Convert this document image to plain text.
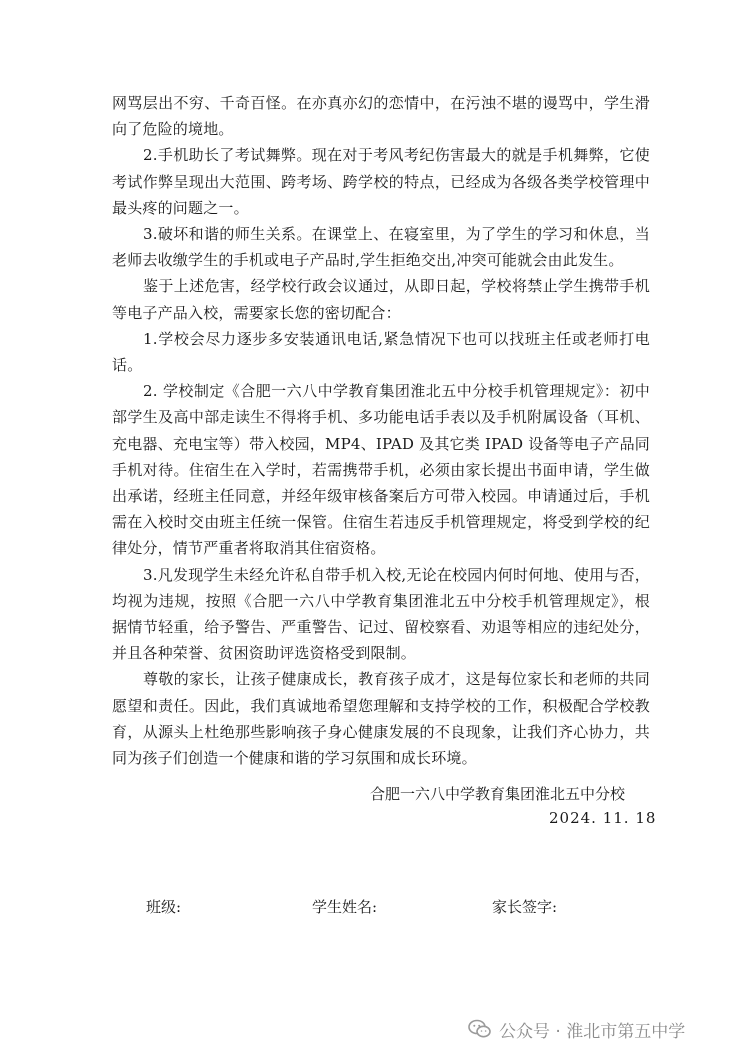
网骂层出不穷、千奇百怪。在亦真亦幻的恋情中，在污浊不堪的谩骂中，学生滑向了危险的境地。

2.手机助长了考试舞弊。现在对于考风考纪伤害最大的就是手机舞弊，它使考试作弊呈现出大范围、跨考场、跨学校的特点，已经成为各级各类学校管理中最头疼的问题之一。

3.破坏和谐的师生关系。在课堂上、在寝室里，为了学生的学习和休息，当老师去收缴学生的手机或电子产品时,学生拒绝交出,冲突可能就会由此发生。

鉴于上述危害，经学校行政会议通过，从即日起，学校将禁止学生携带手机等电子产品入校，需要家长您的密切配合：

1.学校会尽力逐步多安装通讯电话,紧急情况下也可以找班主任或老师打电话。

2. 学校制定《合肥一六八中学教育集团淮北五中分校手机管理规定》：初中部学生及高中部走读生不得将手机、多功能电话手表以及手机附属设备（耳机、充电器、充电宝等）带入校园，MP4、IPAD 及其它类 IPAD 设备等电子产品同手机对待。住宿生在入学时，若需携带手机，必须由家长提出书面申请，学生做出承诺，经班主任同意，并经年级审核备案后方可带入校园。申请通过后，手机需在入校时交由班主任统一保管。住宿生若违反手机管理规定，将受到学校的纪律处分，情节严重者将取消其住宿资格。

3.凡发现学生未经允许私自带手机入校,无论在校园内何时何地、使用与否，均视为违规，按照《合肥一六八中学教育集团淮北五中分校手机管理规定》，根据情节轻重，给予警告、严重警告、记过、留校察看、劝退等相应的违纪处分，并且各种荣誉、贫困资助评选资格受到限制。

尊敬的家长，让孩子健康成长，教育孩子成才，这是每位家长和老师的共同愿望和责任。因此，我们真诚地希望您理解和支持学校的工作，积极配合学校教育，从源头上杜绝那些影响孩子身心健康发展的不良现象，让我们齐心协力，共同为孩子们创造一个健康和谐的学习氛围和成长环境。

合肥一六八中学教育集团淮北五中分校
2024. 11. 18
班级:	学生姓名:	家长签字:
公众号 · 淮北市第五中学
